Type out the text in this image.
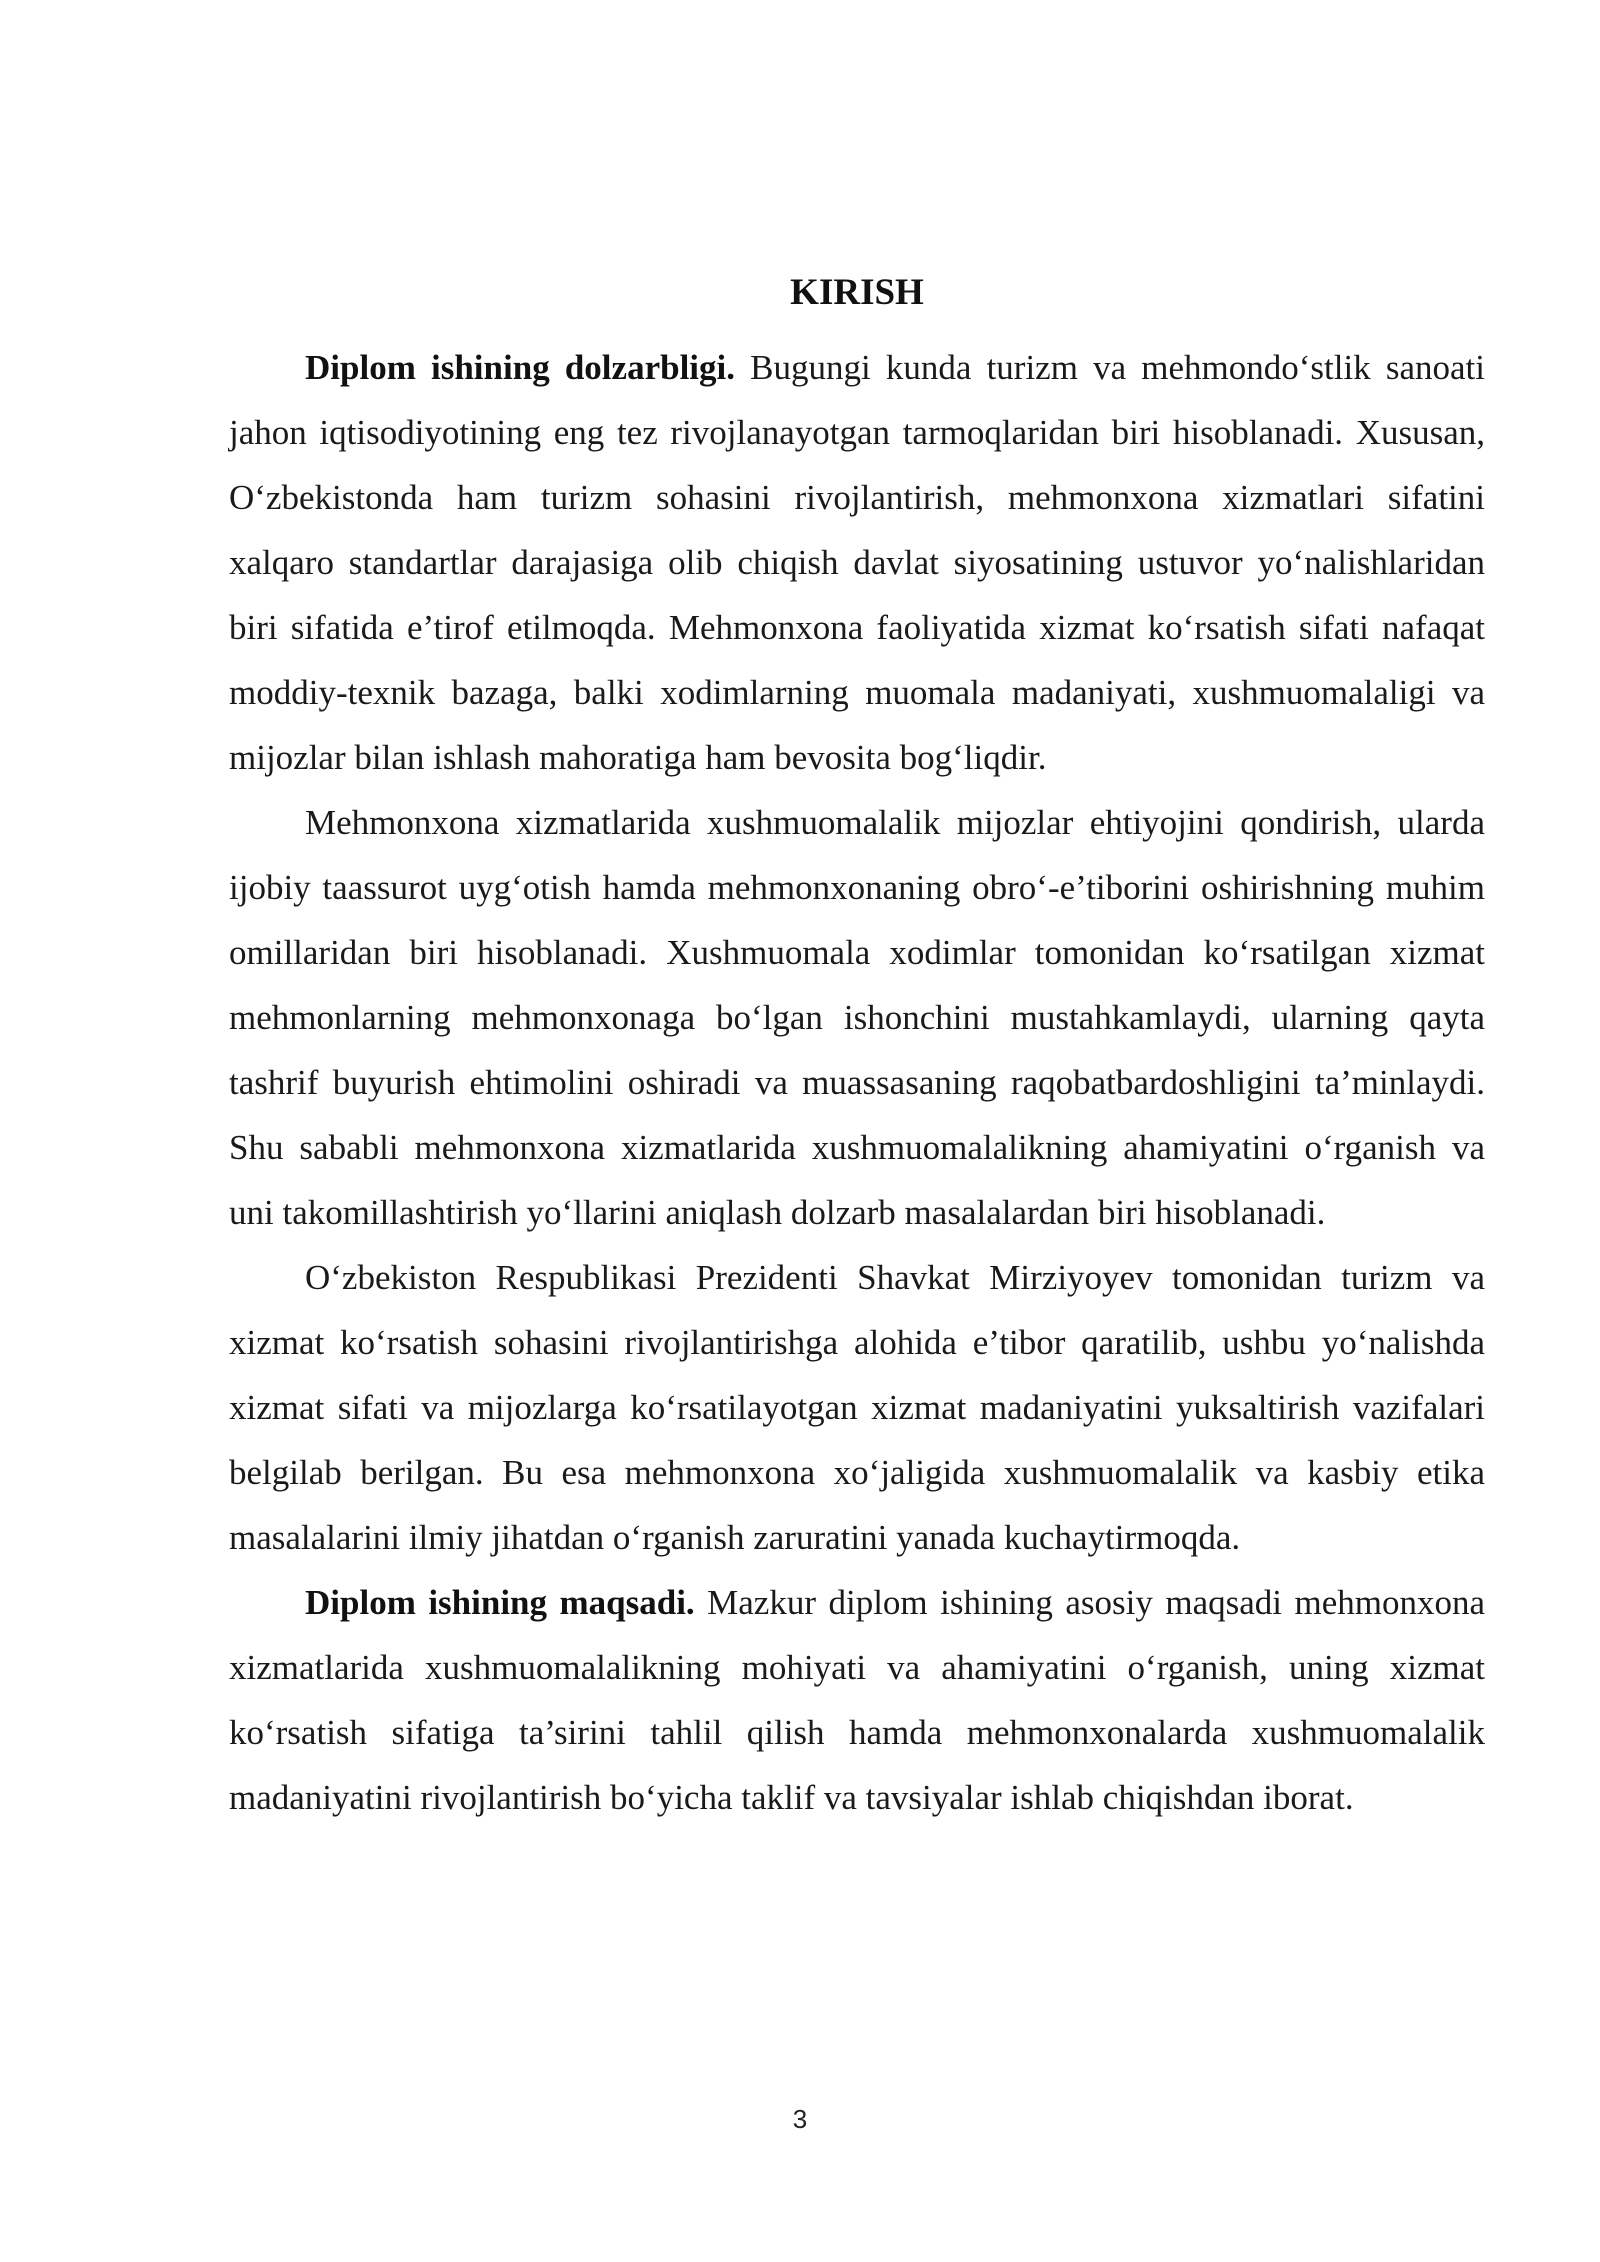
KIRISH

Diplom ishining dolzarbligi. Bugungi kunda turizm va mehmondo‘stlik sanoati jahon iqtisodiyotining eng tez rivojlanayotgan tarmoqlaridan biri hisoblanadi. Xususan, O‘zbekistonda ham turizm sohasini rivojlantirish, mehmonxona xizmatlari sifatini xalqaro standartlar darajasiga olib chiqish davlat siyosatining ustuvor yo‘nalishlaridan biri sifatida e’tirof etilmoqda. Mehmonxona faoliyatida xizmat ko‘rsatish sifati nafaqat moddiy-texnik bazaga, balki xodimlarning muomala madaniyati, xushmuomalaligi va mijozlar bilan ishlash mahoratiga ham bevosita bog‘liqdir.

Mehmonxona xizmatlarida xushmuomalalik mijozlar ehtiyojini qondirish, ularda ijobiy taassurot uyg‘otish hamda mehmonxonaning obro‘-e’tiborini oshirishning muhim omillaridan biri hisoblanadi. Xushmuomala xodimlar tomonidan ko‘rsatilgan xizmat mehmonlarning mehmonxonaga bo‘lgan ishonchini mustahkamlaydi, ularning qayta tashrif buyurish ehtimolini oshiradi va muassasaning raqobatbardoshligini ta’minlaydi. Shu sababli mehmonxona xizmatlarida xushmuomalalikning ahamiyatini o‘rganish va uni takomillashtirish yo‘llarini aniqlash dolzarb masalalardan biri hisoblanadi.

O‘zbekiston Respublikasi Prezidenti Shavkat Mirziyoyev tomonidan turizm va xizmat ko‘rsatish sohasini rivojlantirishga alohida e’tibor qaratilib, ushbu yo‘nalishda xizmat sifati va mijozlarga ko‘rsatilayotgan xizmat madaniyatini yuksaltirish vazifalari belgilab berilgan. Bu esa mehmonxona xo‘jaligida xushmuomalalik va kasbiy etika masalalarini ilmiy jihatdan o‘rganish zaruratini yanada kuchaytirmoqda.

Diplom ishining maqsadi. Mazkur diplom ishining asosiy maqsadi mehmonxona xizmatlarida xushmuomalalikning mohiyati va ahamiyatini o‘rganish, uning xizmat ko‘rsatish sifatiga ta’sirini tahlil qilish hamda mehmonxonalarda xushmuomalalik madaniyatini rivojlantirish bo‘yicha taklif va tavsiyalar ishlab chiqishdan iborat.

3
